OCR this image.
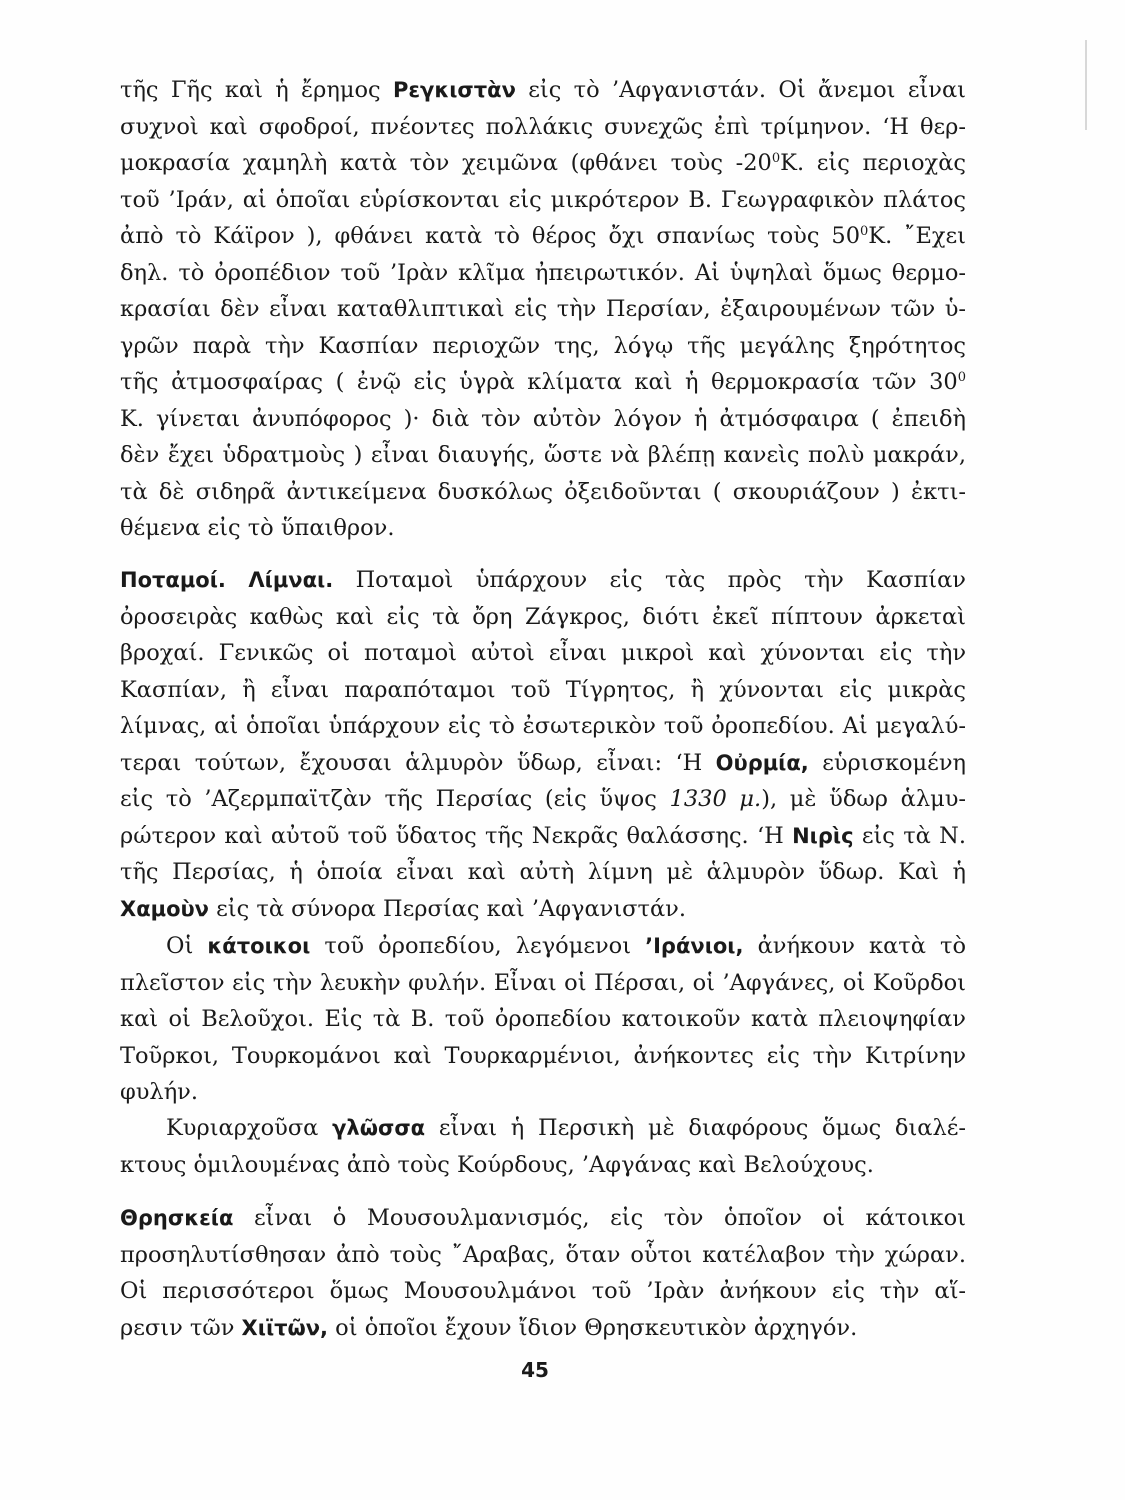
τῆς Γῆς καὶ ἡ ἔρημος Ρεγκιστὰν εἰς τὸ ’Αφγανιστάν. Οἱ ἄνεμοι εἶναι
συχνοὶ καὶ σφοδροί, πνέοντες πολλάκις συνεχῶς ἐπὶ τρίμηνον. ‘Η θερ-
μοκρασία χαμηλὴ κατὰ τὸν χειμῶνα (φθάνει τοὺς $-20^0K$. εἰς περιοχὰς
τοῦ ’Ιράν, αἱ ὁποῖαι εὑρίσκονται εἰς μικρότερον Β. Γεωγραφικὸν πλάτος
ἀπὸ τὸ Κάϊρον ), φθάνει κατὰ τὸ θέρος ὄχι σπανίως τοὺς $50^0K$. ῎Εχει
δηλ. τὸ ὀροπέδιον τοῦ ’Ιρὰν κλῖμα ἠπειρωτικόν. Αἱ ὑψηλαὶ ὅμως θερμο-
κρασίαι δὲν εἶναι καταθλιπτικαὶ εἰς τὴν Περσίαν, ἐξαιρουμένων τῶν ὑ-
γρῶν παρὰ τὴν Κασπίαν περιοχῶν της, λόγῳ τῆς μεγάλης ξηρότητος
τῆς ἀτμοσφαίρας ( ἐνῷ εἰς ὑγρὰ κλίματα καὶ ἡ θερμοκρασία τῶν $30^0$
Κ. γίνεται ἀνυπόφορος )· διὰ τὸν αὐτὸν λόγον ἡ ἀτμόσφαιρα ( ἐπειδὴ
δὲν ἔχει ὑδρατμοὺς ) εἶναι διαυγής, ὥστε νὰ βλέπῃ κανεὶς πολὺ μακράν,
τὰ δὲ σιδηρᾶ ἀντικείμενα δυσκόλως ὀξειδοῦνται ( σκουριάζουν ) ἐκτι-
θέμενα εἰς τὸ ὕπαιθρον.
Ποταμοί. Λίμναι. Ποταμοὶ ὑπάρχουν εἰς τὰς πρὸς τὴν Κασπίαν
ὀροσειρὰς καθὼς καὶ εἰς τὰ ὄρη Ζάγκρος, διότι ἐκεῖ πίπτουν ἀρκεταὶ
βροχαί. Γενικῶς οἱ ποταμοὶ αὐτοὶ εἶναι μικροὶ καὶ χύνονται εἰς τὴν
Κασπίαν, ἢ εἶναι παραπόταμοι τοῦ Τίγρητος, ἢ χύνονται εἰς μικρὰς
λίμνας, αἱ ὁποῖαι ὑπάρχουν εἰς τὸ ἐσωτερικὸν τοῦ ὀροπεδίου. Αἱ μεγαλύ-
τεραι τούτων, ἔχουσαι ἁλμυρὸν ὕδωρ, εἶναι: ‘Η Οὐρμία, εὑρισκομένη
εἰς τὸ ’Αζερμπαϊτζὰν τῆς Περσίας (εἰς ὕψος 1330 μ.), μὲ ὕδωρ ἁλμυ-
ρώτερον καὶ αὐτοῦ τοῦ ὕδατος τῆς Νεκρᾶς θαλάσσης. ‘Η Νιρὶς εἰς τὰ Ν.
τῆς Περσίας, ἡ ὁποία εἶναι καὶ αὐτὴ λίμνη μὲ ἁλμυρὸν ὕδωρ. Καὶ ἡ
Χαμοὺν εἰς τὰ σύνορα Περσίας καὶ ’Αφγανιστάν.
Οἱ κάτοικοι τοῦ ὀροπεδίου, λεγόμενοι ’Ιράνιοι, ἀνήκουν κατὰ τὸ
πλεῖστον εἰς τὴν λευκὴν φυλήν. Εἶναι οἱ Πέρσαι, οἱ ’Αφγάνες, οἱ Κοῦρδοι
καὶ οἱ Βελοῦχοι. Εἰς τὰ Β. τοῦ ὀροπεδίου κατοικοῦν κατὰ πλειοψηφίαν
Τοῦρκοι, Τουρκομάνοι καὶ Τουρκαρμένιοι, ἀνήκοντες εἰς τὴν Κιτρίνην
φυλήν.
Κυριαρχοῦσα γλῶσσα εἶναι ἡ Περσικὴ μὲ διαφόρους ὅμως διαλέ-
κτους ὁμιλουμένας ἀπὸ τοὺς Κούρδους, ’Αφγάνας καὶ Βελούχους.
Θρησκεία εἶναι ὁ Μουσουλμανισμός, εἰς τὸν ὁποῖον οἱ κάτοικοι
προσηλυτίσθησαν ἀπὸ τοὺς ῎Αραβας, ὅταν οὗτοι κατέλαβον τὴν χώραν.
Οἱ περισσότεροι ὅμως Μουσουλμάνοι τοῦ ’Ιρὰν ἀνήκουν εἰς τὴν αἵ-
ρεσιν τῶν Χιϊτῶν, οἱ ὁποῖοι ἔχουν ἴδιον Θρησκευτικὸν ἀρχηγόν.
45
